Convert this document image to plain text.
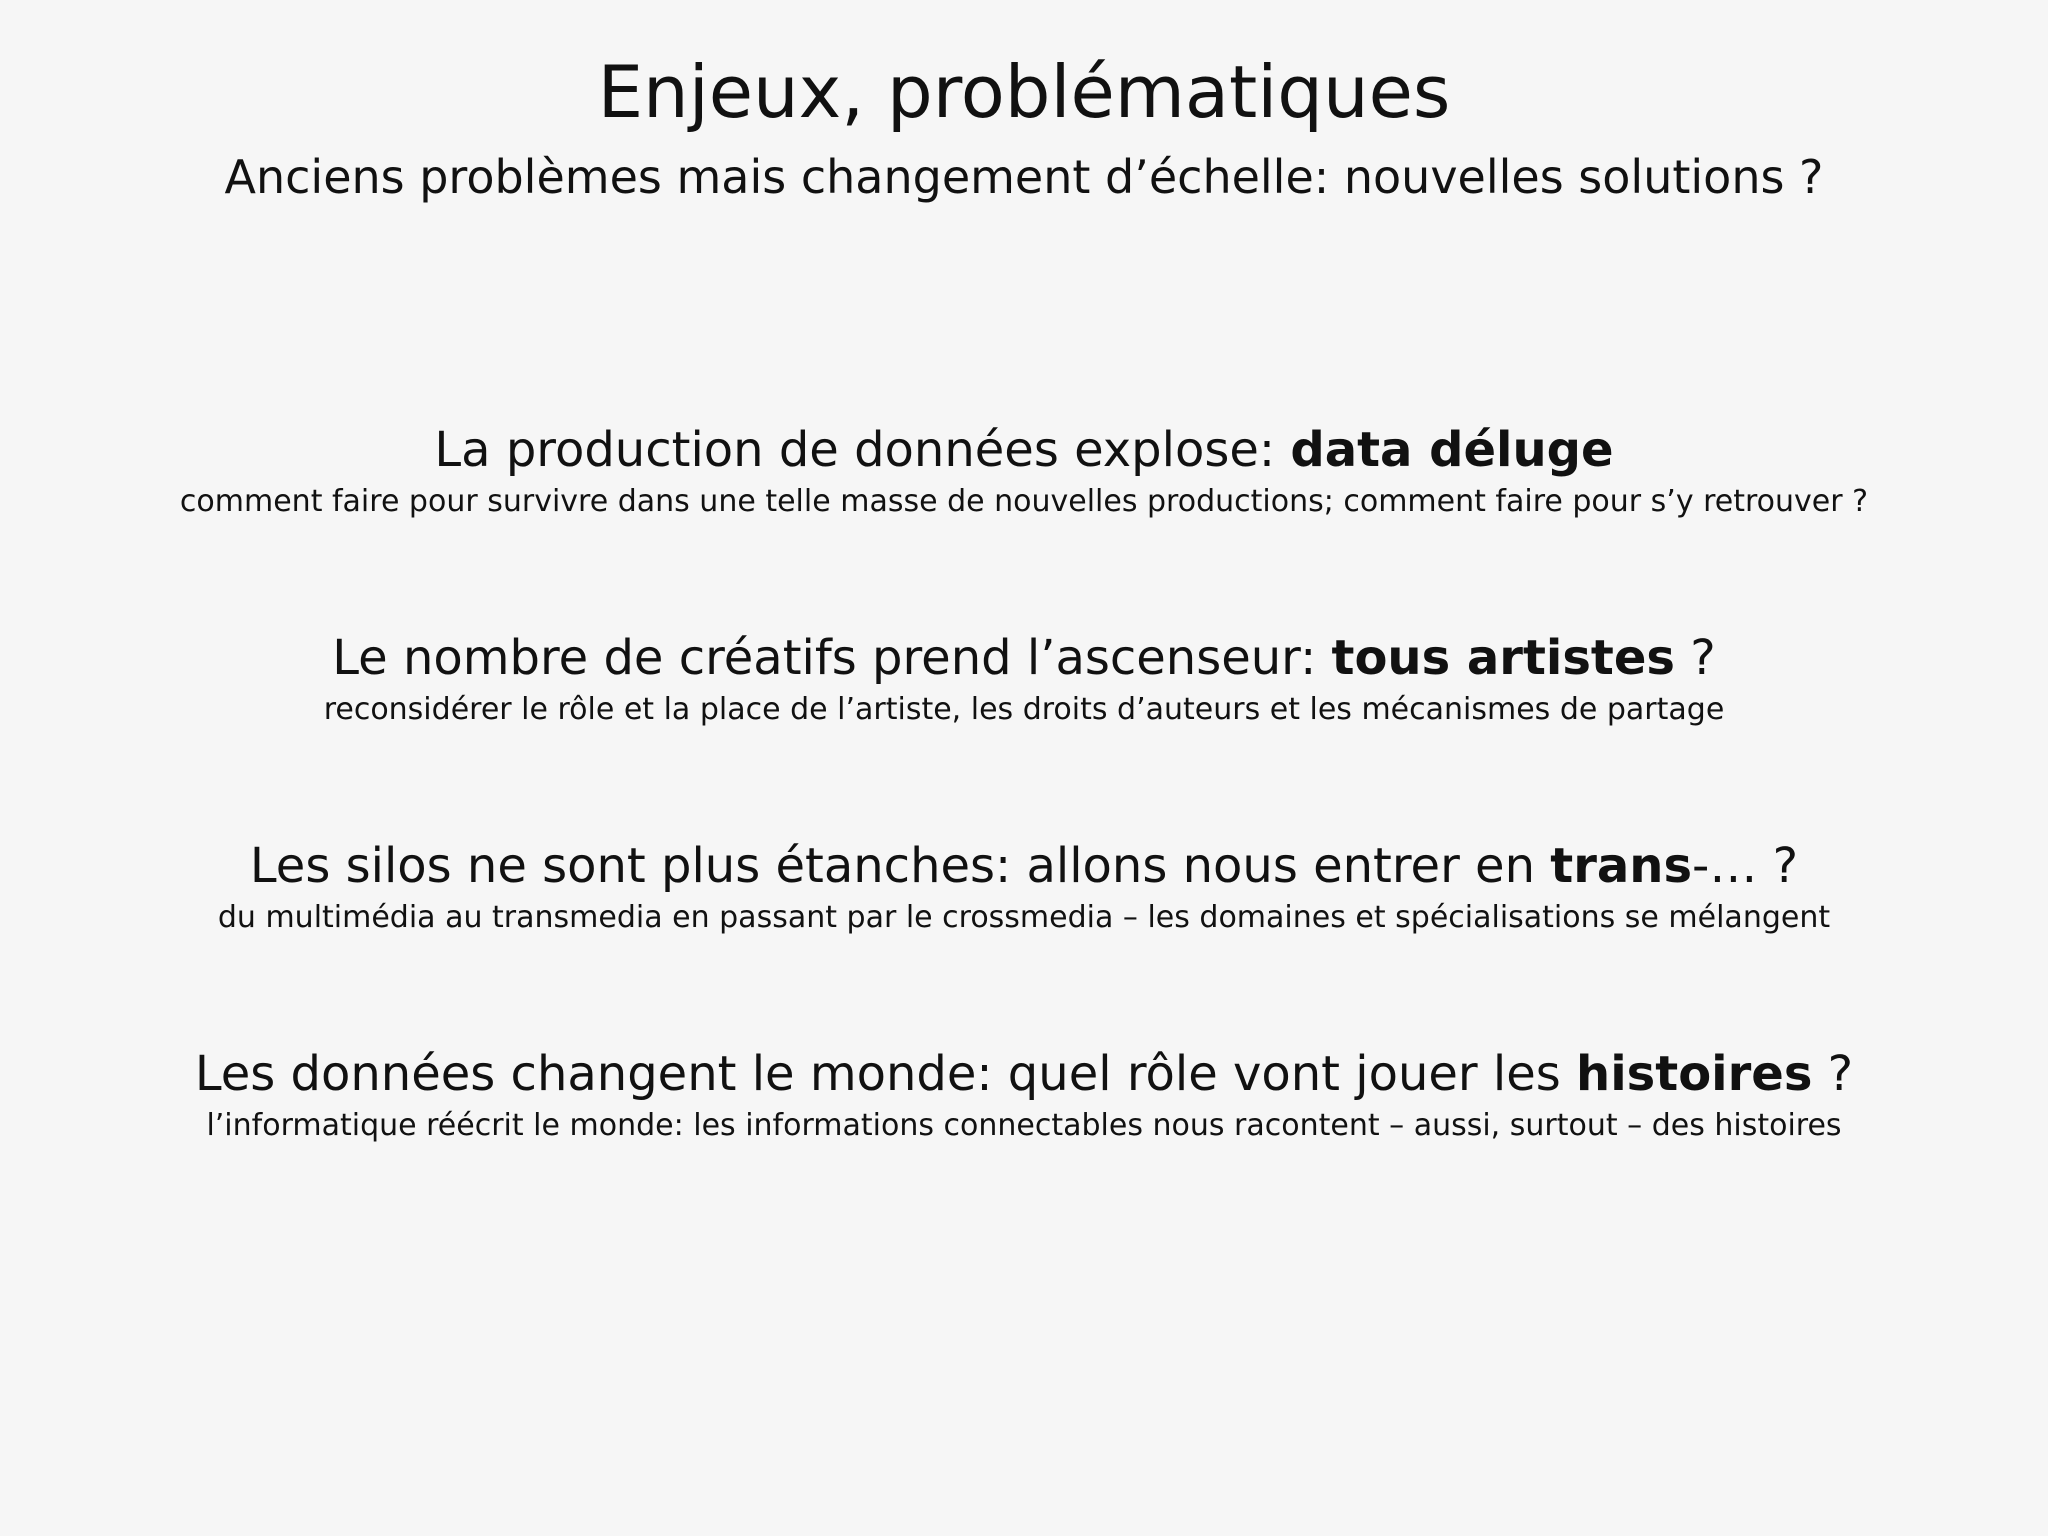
Enjeux, problématiques
Anciens problèmes mais changement d’échelle: nouvelles solutions ?
La production de données explose: data déluge
comment faire pour survivre dans une telle masse de nouvelles productions; comment faire pour s’y retrouver ?
Le nombre de créatifs prend l’ascenseur: tous artistes ?
reconsidérer le rôle et la place de l’artiste, les droits d’auteurs et les mécanismes de partage
Les silos ne sont plus étanches: allons nous entrer en trans-… ?
du multimédia au transmedia en passant par le crossmedia – les domaines et spécialisations se mélangent
Les données changent le monde: quel rôle vont jouer les histoires ?
l’informatique réécrit le monde: les informations connectables nous racontent – aussi, surtout – des histoires
